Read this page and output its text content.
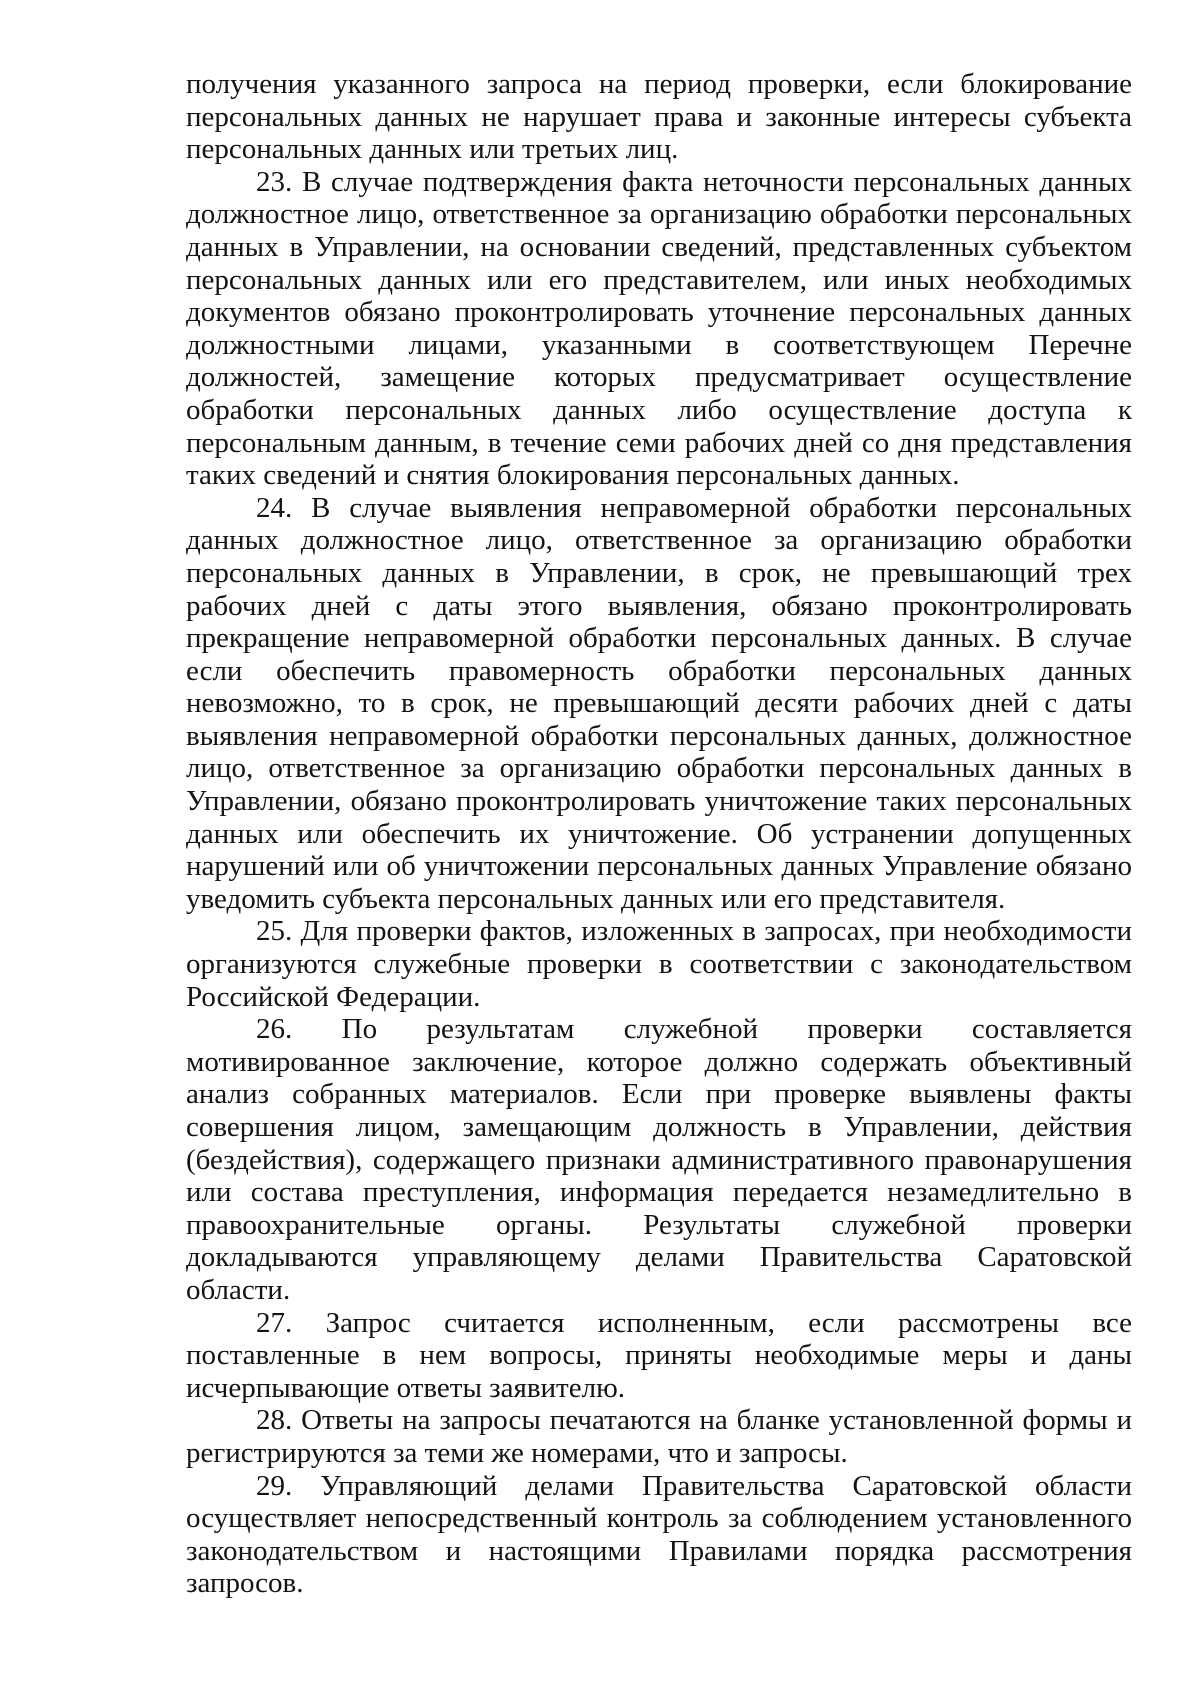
получения указанного запроса на период проверки, если блокирование персональных данных не нарушает права и законные интересы субъекта персональных данных или третьих лиц.

23. В случае подтверждения факта неточности персональных данных должностное лицо, ответственное за организацию обработки персональных данных в Управлении, на основании сведений, представленных субъектом персональных данных или его представителем, или иных необходимых документов обязано проконтролировать уточнение персональных данных должностными лицами, указанными в соответствующем Перечне должностей, замещение которых предусматривает осуществление обработки персональных данных либо осуществление доступа к персональным данным, в течение семи рабочих дней со дня представления таких сведений и снятия блокирования персональных данных.

24. В случае выявления неправомерной обработки персональных данных должностное лицо, ответственное за организацию обработки персональных данных в Управлении, в срок, не превышающий трех рабочих дней с даты этого выявления, обязано проконтролировать прекращение неправомерной обработки персональных данных. В случае если обеспечить правомерность обработки персональных данных невозможно, то в срок, не превышающий десяти рабочих дней с даты выявления неправомерной обработки персональных данных, должностное лицо, ответственное за организацию обработки персональных данных в Управлении, обязано проконтролировать уничтожение таких персональных данных или обеспечить их уничтожение. Об устранении допущенных нарушений или об уничтожении персональных данных Управление обязано уведомить субъекта персональных данных или его представителя.

25. Для проверки фактов, изложенных в запросах, при необходимости организуются служебные проверки в соответствии с законодательством Российской Федерации.

26. По результатам служебной проверки составляется мотивированное заключение, которое должно содержать объективный анализ собранных материалов. Если при проверке выявлены факты совершения лицом, замещающим должность в Управлении, действия (бездействия), содержащего признаки административного правонарушения или состава преступления, информация передается незамедлительно в правоохранительные органы. Результаты служебной проверки докладываются управляющему делами Правительства Саратовской области.

27. Запрос считается исполненным, если рассмотрены все поставленные в нем вопросы, приняты необходимые меры и даны исчерпывающие ответы заявителю.

28. Ответы на запросы печатаются на бланке установленной формы и регистрируются за теми же номерами, что и запросы.

29. Управляющий делами Правительства Саратовской области осуществляет непосредственный контроль за соблюдением установленного законодательством и настоящими Правилами порядка рассмотрения запросов.
